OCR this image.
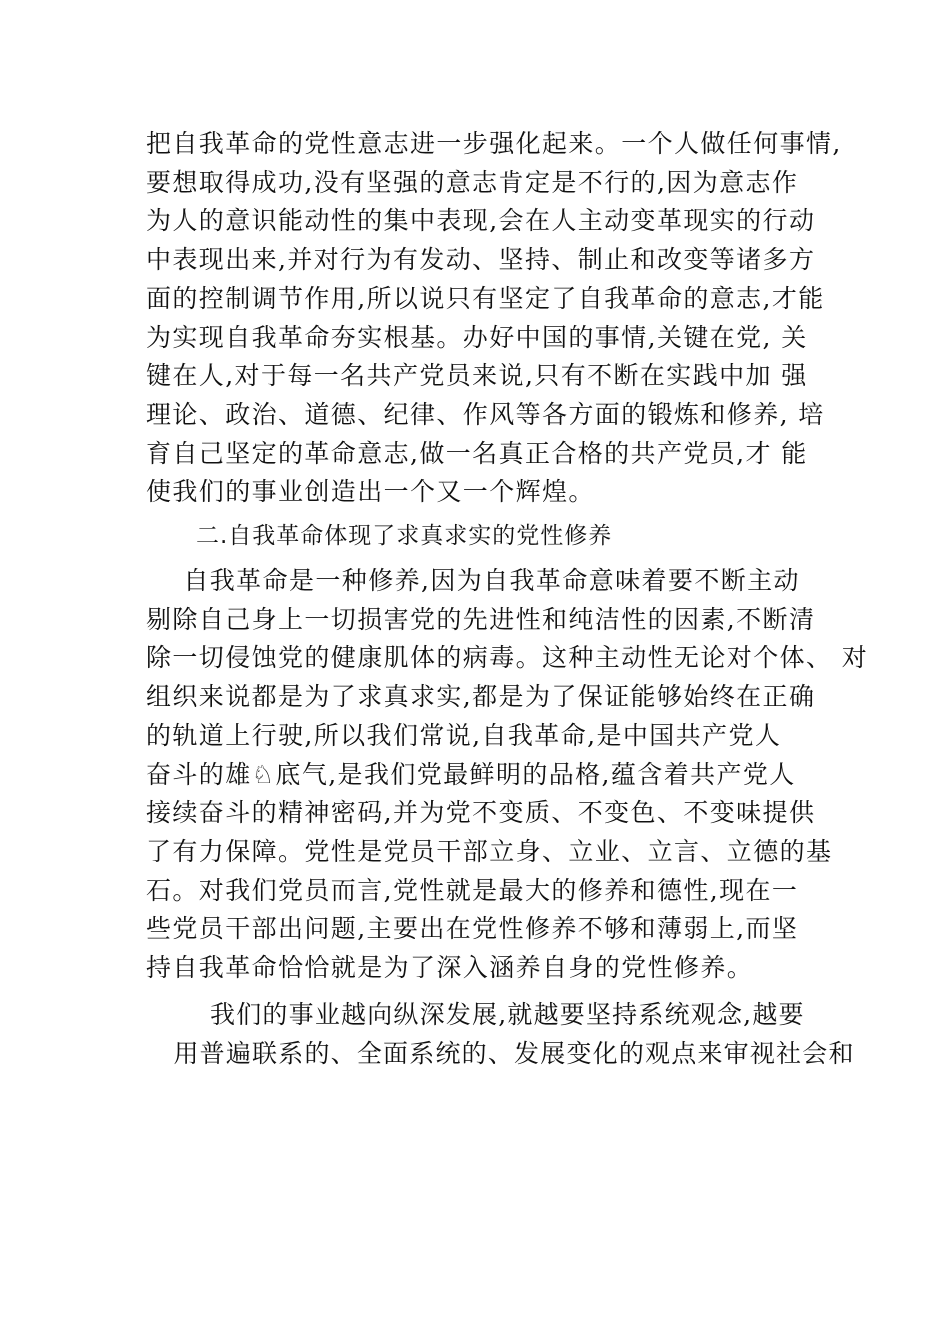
把自我革命的党性意志进一步强化起来。一个人做任何事情,
要想取得成功,没有坚强的意志肯定是不行的,因为意志作
为人的意识能动性的集中表现,会在人主动变革现实的行动
中表现出来,并对行为有发动、坚持、制止和改变等诸多方
面的控制调节作用,所以说只有坚定了自我革命的意志,才能
为实现自我革命夯实根基。办好中国的事情,关键在党, 关
键在人,对于每一名共产党员来说,只有不断在实践中加 强
理论、政治、道德、纪律、作风等各方面的锻炼和修养, 培
育自己坚定的革命意志,做一名真正合格的共产党员,才 能
使我们的事业创造出一个又一个辉煌。
二.自我革命体现了求真求实的党性修养
自我革命是一种修养,因为自我革命意味着要不断主动
剔除自己身上一切损害党的先进性和纯洁性的因素,不断清
除一切侵蚀党的健康肌体的病毒。这种主动性无论对个体、 对
组织来说都是为了求真求实,都是为了保证能够始终在正确
的轨道上行驶,所以我们常说,自我革命,是中国共产党人
奋斗的雄♘底气,是我们党最鲜明的品格,蕴含着共产党人
接续奋斗的精神密码,并为党不变质、不变色、不变味提供
了有力保障。党性是党员干部立身、立业、立言、立德的基
石。对我们党员而言,党性就是最大的修养和德性,现在一
些党员干部出问题,主要出在党性修养不够和薄弱上,而坚
持自我革命恰恰就是为了深入涵养自身的党性修养。
我们的事业越向纵深发展,就越要坚持系统观念,越要
用普遍联系的、全面系统的、发展变化的观点来审视社会和
